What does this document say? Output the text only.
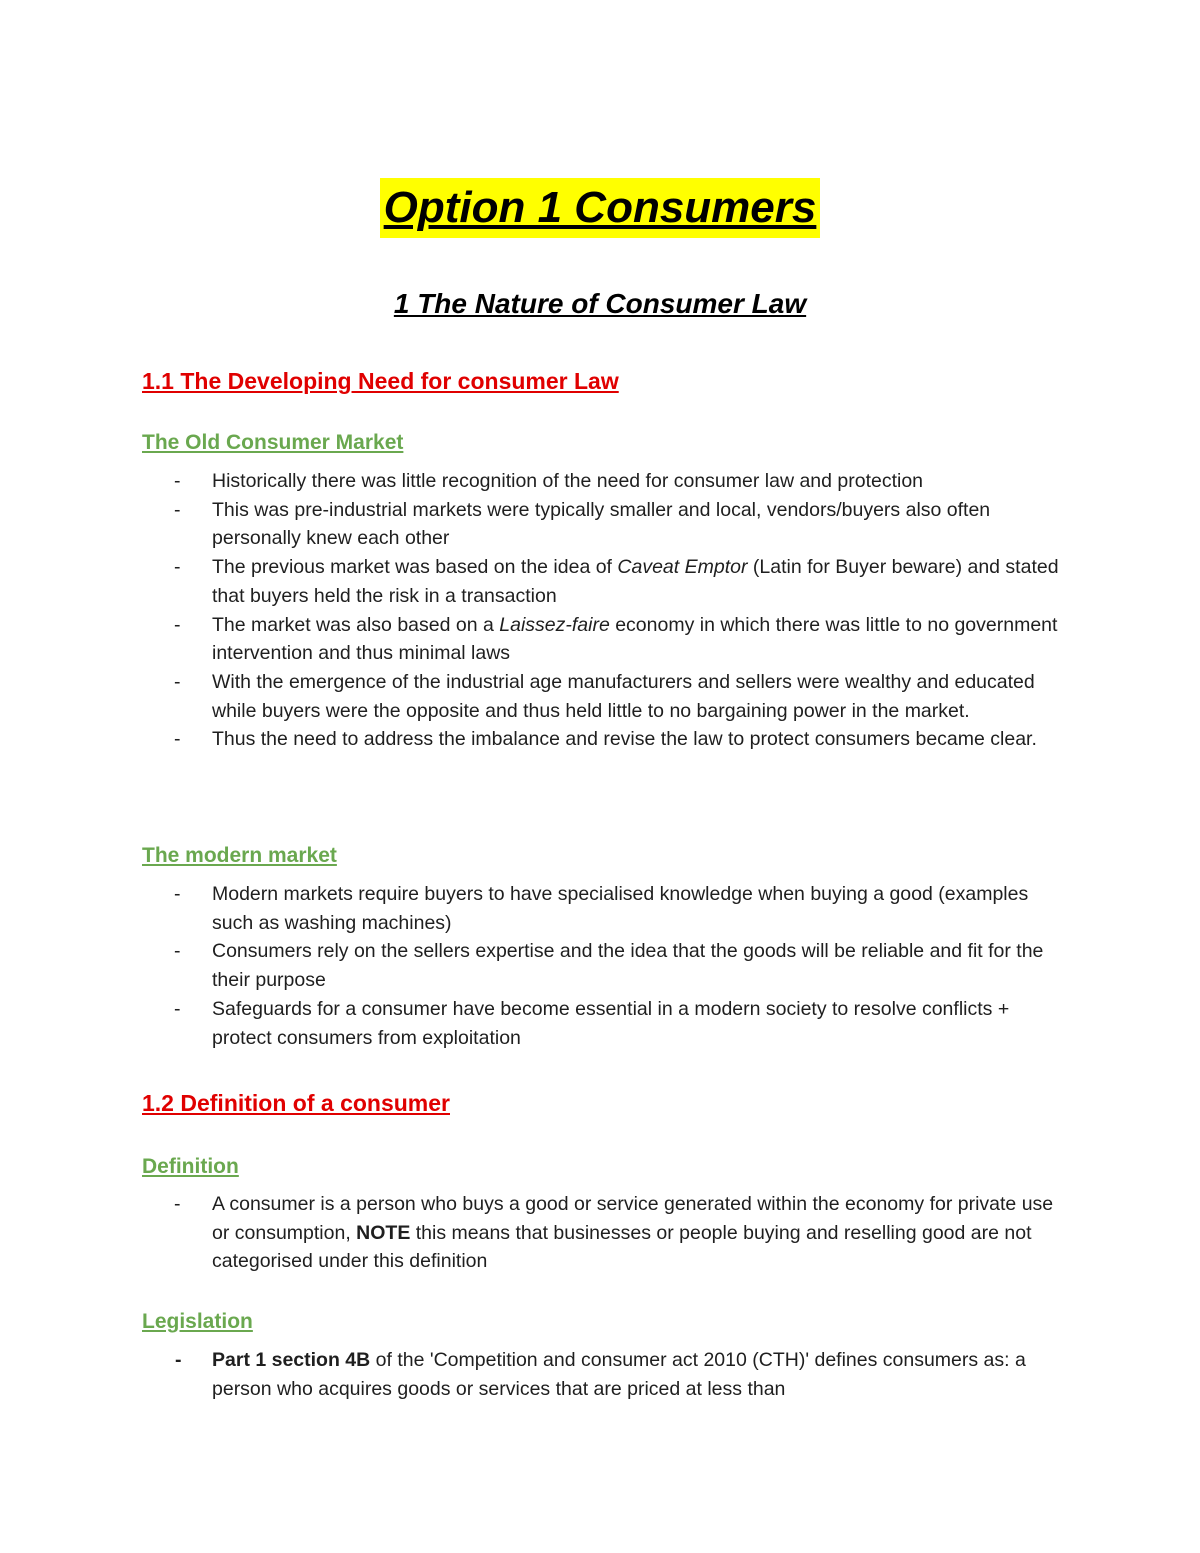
Option 1 Consumers
1 The Nature of Consumer Law
1.1 The Developing Need for consumer Law
The Old Consumer Market
- Historically there was little recognition of the need for consumer law and protection
- This was pre-industrial markets were typically smaller and local, vendors/buyers also often personally knew each other
- The previous market was based on the idea of Caveat Emptor (Latin for Buyer beware) and stated that buyers held the risk in a transaction
- The market was also based on a Laissez-faire economy in which there was little to no government intervention and thus minimal laws
- With the emergence of the industrial age manufacturers and sellers were wealthy and educated while buyers were the opposite and thus held little to no bargaining power in the market.
- Thus the need to address the imbalance and revise the law to protect consumers became clear.
The modern market
- Modern markets require buyers to have specialised knowledge when buying a good (examples such as washing machines)
- Consumers rely on the sellers expertise and the idea that the goods will be reliable and fit for the their purpose
- Safeguards for a consumer have become essential in a modern society to resolve conflicts + protect consumers from exploitation
1.2 Definition of a consumer
Definition
- A consumer is a person who buys a good or service generated within the economy for private use or consumption, NOTE this means that businesses or people buying and reselling good are not categorised under this definition
Legislation
- Part 1 section 4B of the 'Competition and consumer act 2010 (CTH)' defines consumers as: a person who acquires goods or services that are priced at less than
